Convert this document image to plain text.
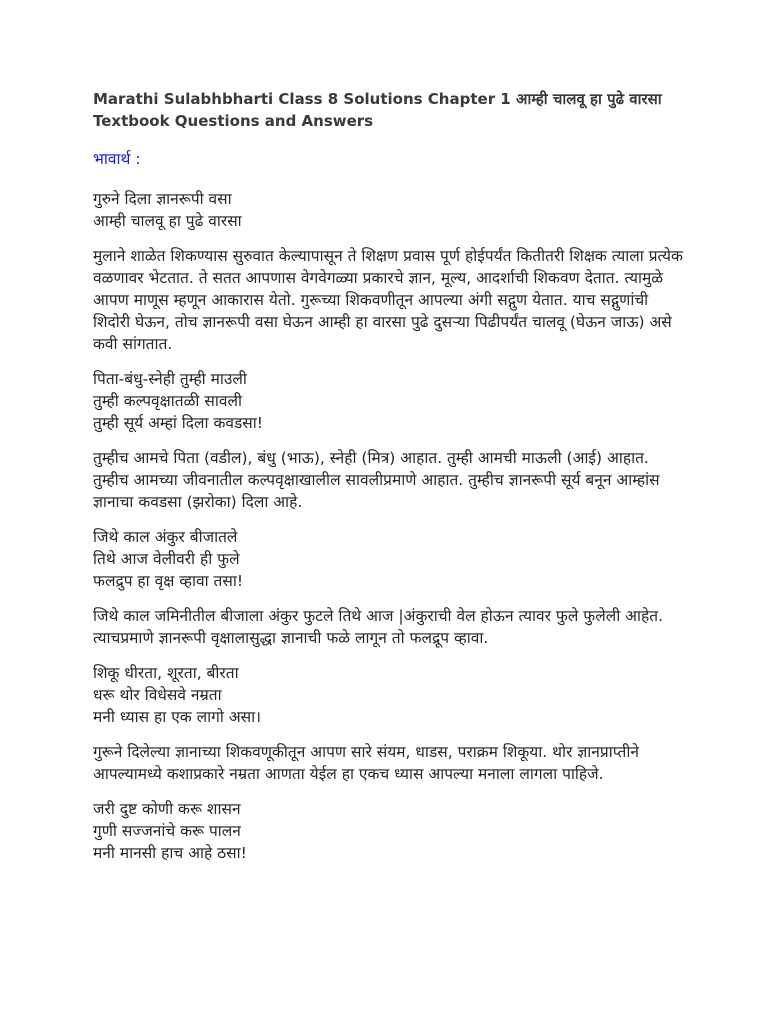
Marathi Sulabhbharti Class 8 Solutions Chapter 1 आम्ही चालवू हा पुढे वारसा Textbook Questions and Answers
भावार्थ :
गुरुने दिला ज्ञानरूपी वसा
आम्ही चालवू हा पुढे वारसा
मुलाने शाळेत शिकण्यास सुरुवात केल्यापासून ते शिक्षण प्रवास पूर्ण होईपर्यंत कितीतरी शिक्षक त्याला प्रत्येक वळणावर भेटतात. ते सतत आपणास वेगवेगळ्या प्रकारचे ज्ञान, मूल्य, आदर्शाची शिकवण देतात. त्यामुळे आपण माणूस म्हणून आकारास येतो. गुरूच्या शिकवणीतून आपल्या अंगी सद्गुण येतात. याच सद्गुणांची शिदोरी घेऊन, तोच ज्ञानरूपी वसा घेऊन आम्ही हा वारसा पुढे दुसऱ्या पिढीपर्यंत चालवू (घेऊन जाऊ) असे कवी सांगतात.
पिता-बंधु-स्नेही तुम्ही माउली
तुम्ही कल्पवृक्षातळी सावली
तुम्ही सूर्य अम्हां दिला कवडसा!
तुम्हीच आमचे पिता (वडील), बंधु (भाऊ), स्नेही (मित्र) आहात. तुम्ही आमची माऊली (आई) आहात. तुम्हीच आमच्या जीवनातील कल्पवृक्षाखालील सावलीप्रमाणे आहात. तुम्हीच ज्ञानरूपी सूर्य बनून आम्हांस ज्ञानाचा कवडसा (झरोका) दिला आहे.
जिथे काल अंकुर बीजातले
तिथे आज वेलीवरी ही फुले
फलद्रुप हा वृक्ष व्हावा तसा!
जिथे काल जमिनीतील बीजाला अंकुर फुटले तिथे आज |अंकुराची वेल होऊन त्यावर फुले फुलेली आहेत. त्याचप्रमाणे ज्ञानरूपी वृक्षालासुद्धा ज्ञानाची फळे लागून तो फलद्रूप व्हावा.
शिकू धीरता, शूरता, बीरता
धरू थोर विधेसवे नम्रता
मनी ध्यास हा एक लागो असा।
गुरूने दिलेल्या ज्ञानाच्या शिकवणूकीतून आपण सारे संयम, धाडस, पराक्रम शिकूया. थोर ज्ञानप्राप्तीने आपल्यामध्ये कशाप्रकारे नम्रता आणता येईल हा एकच ध्यास आपल्या मनाला लागला पाहिजे.
जरी दुष्ट कोणी करू शासन
गुणी सज्जनांचे करू पालन
मनी मानसी हाच आहे ठसा!
